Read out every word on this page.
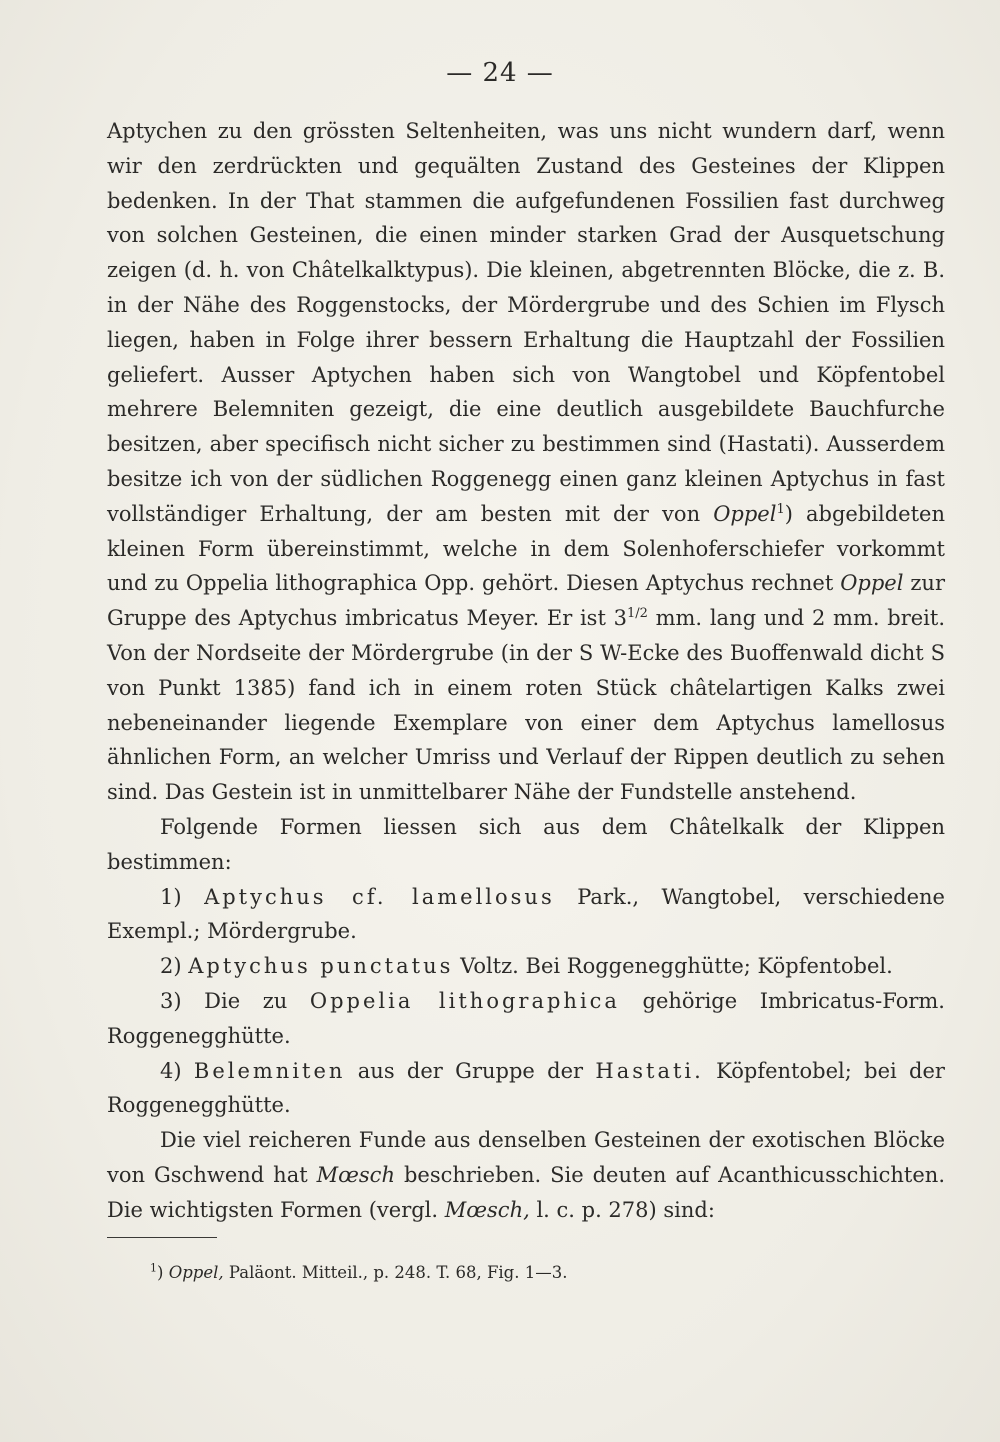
— 24 —

Aptychen zu den grössten Seltenheiten, was uns nicht wundern darf, wenn wir den zerdrückten und gequälten Zustand des Gesteines der Klippen bedenken. In der That stammen die aufgefundenen Fossilien fast durchweg von solchen Gesteinen, die einen minder starken Grad der Ausquetschung zeigen (d. h. von Châtelkalktypus). Die kleinen, abgetrennten Blöcke, die z. B. in der Nähe des Roggenstocks, der Mördergrube und des Schien im Flysch liegen, haben in Folge ihrer bessern Erhaltung die Hauptzahl der Fossilien geliefert. Ausser Aptychen haben sich von Wangtobel und Köpfentobel mehrere Belemniten gezeigt, die eine deutlich ausgebildete Bauchfurche besitzen, aber specifisch nicht sicher zu bestimmen sind (Hastati). Ausserdem besitze ich von der südlichen Roggenegg einen ganz kleinen Aptychus in fast vollständiger Erhaltung, der am besten mit der von Oppel$^1$) abgebildeten kleinen Form übereinstimmt, welche in dem Solenhoferschiefer vorkommt und zu Oppelia lithographica Opp. gehört. Diesen Aptychus rechnet Oppel zur Gruppe des Aptychus imbricatus Meyer. Er ist $3^{1/2}$ mm. lang und 2 mm. breit. Von der Nordseite der Mördergrube (in der S W-Ecke des Buoffenwald dicht S von Punkt 1385) fand ich in einem roten Stück châtelartigen Kalks zwei nebeneinander liegende Exemplare von einer dem Aptychus lamellosus ähnlichen Form, an welcher Umriss und Verlauf der Rippen deutlich zu sehen sind. Das Gestein ist in unmittelbarer Nähe der Fundstelle anstehend.

Folgende Formen liessen sich aus dem Châtelkalk der Klippen bestimmen:

1) Aptychus cf. lamellosus Park., Wangtobel, verschiedene Exempl.; Mördergrube.

2) Aptychus punctatus Voltz. Bei Roggenegghütte; Köpfentobel.

3) Die zu Oppelia lithographica gehörige Imbricatus-Form. Roggenegghütte.

4) Belemniten aus der Gruppe der Hastati. Köpfentobel; bei der Roggenegghütte.

Die viel reicheren Funde aus denselben Gesteinen der exotischen Blöcke von Gschwend hat Mœsch beschrieben. Sie deuten auf Acanthicusschichten. Die wichtigsten Formen (vergl. Mœsch, l. c. p. 278) sind:

$^1$) Oppel, Paläont. Mitteil., p. 248. T. 68, Fig. 1—3.
